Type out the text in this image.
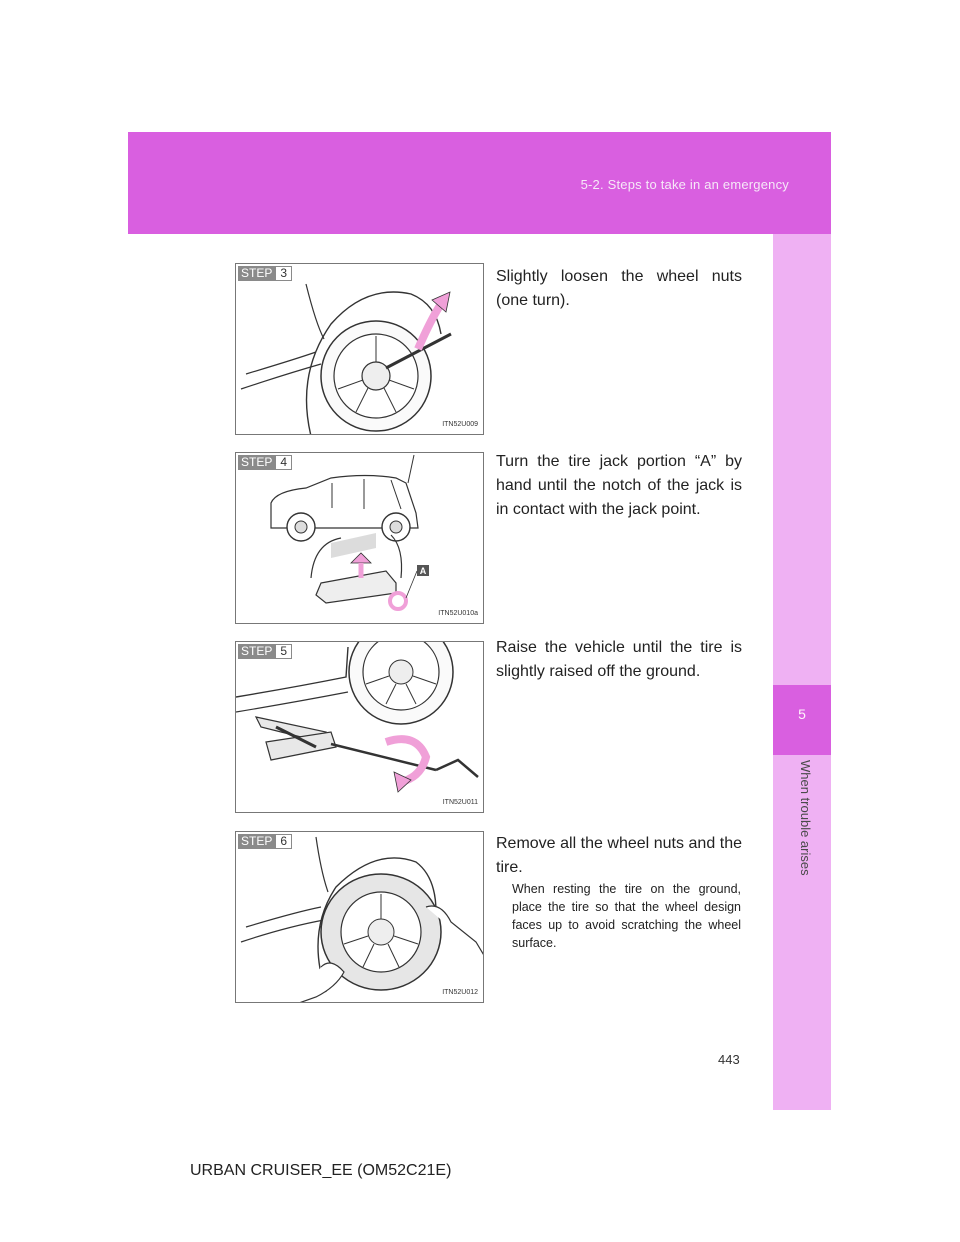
5-2. Steps to take in an emergency
5
When trouble arises
STEP 3
ITN52U009
Slightly loosen the wheel nuts (one turn).
A
STEP 4
ITN52U010a
Turn the tire jack portion “A” by hand until the notch of the jack is in contact with the jack point.
STEP 5
ITN52U011
Raise the vehicle until the tire is slightly raised off the ground.
STEP 6
ITN52U012
Remove all the wheel nuts and the tire.
When resting the tire on the ground, place the tire so that the wheel design faces up to avoid scratching the wheel surface.
443
URBAN CRUISER_EE (OM52C21E)
